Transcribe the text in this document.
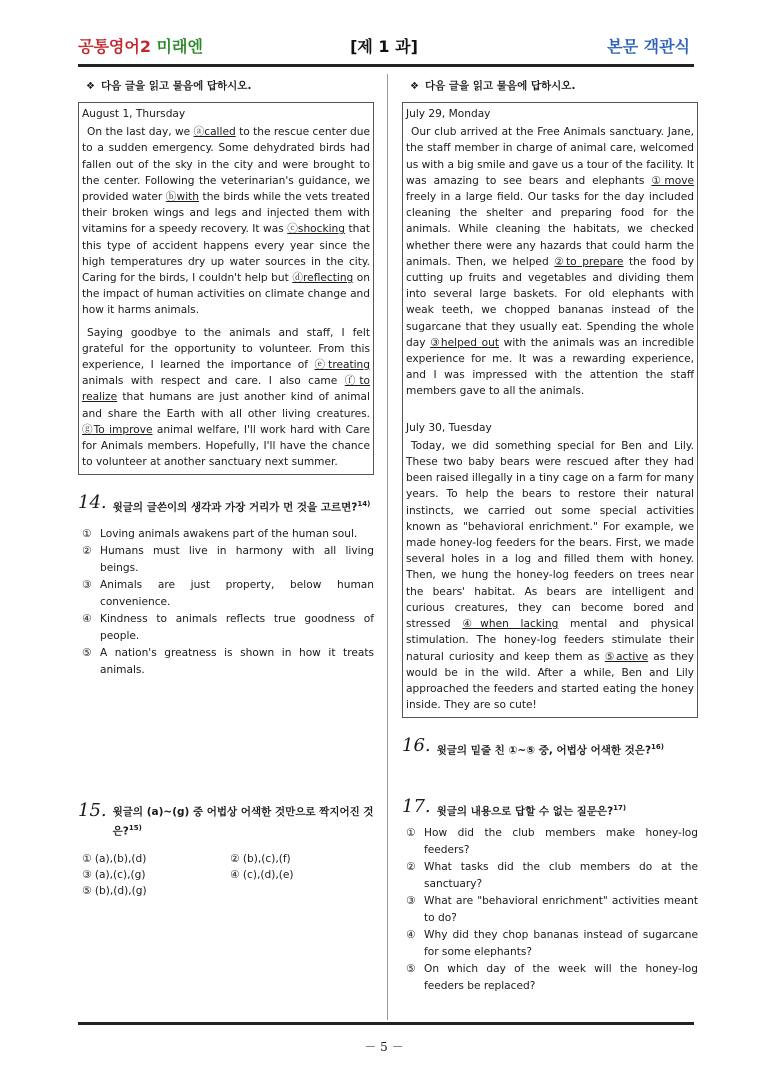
공통영어2 미래엔	[제 1 과]	본문 객관식
❖ 다음 글을 읽고 물음에 답하시오.

August 1, Thursday

On the last day, we ⓐcalled to the rescue center due to a sudden emergency. Some dehydrated birds had fallen out of the sky in the city and were brought to the center. Following the veterinarian's guidance, we provided water ⓑwith the birds while the vets treated their broken wings and legs and injected them with vitamins for a speedy recovery. It was ⓒshocking that this type of accident happens every year since the high temperatures dry up water sources in the city. Caring for the birds, I couldn't help but ⓓreflecting on the impact of human activities on climate change and how it harms animals.

Saying goodbye to the animals and staff, I felt grateful for the opportunity to volunteer. From this experience, I learned the importance of ⓔtreating animals with respect and care. I also came ⓕto realize that humans are just another kind of animal and share the Earth with all other living creatures. ⓖTo improve animal welfare, I'll work hard with Care for Animals members. Hopefully, I'll have the chance to volunteer at another sanctuary next summer.

14. 윗글의 글쓴이의 생각과 가장 거리가 먼 것을 고르면?$^{14)}$
① Loving animals awakens part of the human soul.
② Humans must live in harmony with all living beings.
③ Animals are just property, below human convenience.
④ Kindness to animals reflects true goodness of people.
⑤ A nation's greatness is shown in how it treats animals.
15. 윗글의 (a)~(g) 중 어법상 어색한 것만으로 짝지어진 것은?$^{15)}$
① (a),(b),(d)	② (b),(c),(f)
③ (a),(c),(g)	④ (c),(d),(e)
⑤ (b),(d),(g)
❖ 다음 글을 읽고 물음에 답하시오.

July 29, Monday

Our club arrived at the Free Animals sanctuary. Jane, the staff member in charge of animal care, welcomed us with a big smile and gave us a tour of the facility. It was amazing to see bears and elephants ①move freely in a large field. Our tasks for the day included cleaning the shelter and preparing food for the animals. While cleaning the habitats, we checked whether there were any hazards that could harm the animals. Then, we helped ②to prepare the food by cutting up fruits and vegetables and dividing them into several large baskets. For old elephants with weak teeth, we chopped bananas instead of the sugarcane that they usually eat. Spending the whole day ③helped out with the animals was an incredible experience for me. It was a rewarding experience, and I was impressed with the attention the staff members gave to all the animals.

July 30, Tuesday

Today, we did something special for Ben and Lily. These two baby bears were rescued after they had been raised illegally in a tiny cage on a farm for many years. To help the bears to restore their natural instincts, we carried out some special activities known as "behavioral enrichment." For example, we made honey-log feeders for the bears. First, we made several holes in a log and filled them with honey. Then, we hung the honey-log feeders on trees near the bears' habitat. As bears are intelligent and curious creatures, they can become bored and stressed ④when lacking mental and physical stimulation. The honey-log feeders stimulate their natural curiosity and keep them as ⑤active as they would be in the wild. After a while, Ben and Lily approached the feeders and started eating the honey inside. They are so cute!

16. 윗글의 밑줄 친 ①~⑤ 중, 어법상 어색한 것은?$^{16)}$
17. 윗글의 내용으로 답할 수 없는 질문은?$^{17)}$
① How did the club members make honey-log feeders?
② What tasks did the club members do at the sanctuary?
③ What are "behavioral enrichment" activities meant to do?
④ Why did they chop bananas instead of sugarcane for some elephants?
⑤ On which day of the week will the honey-log feeders be replaced?
－ 5 －
